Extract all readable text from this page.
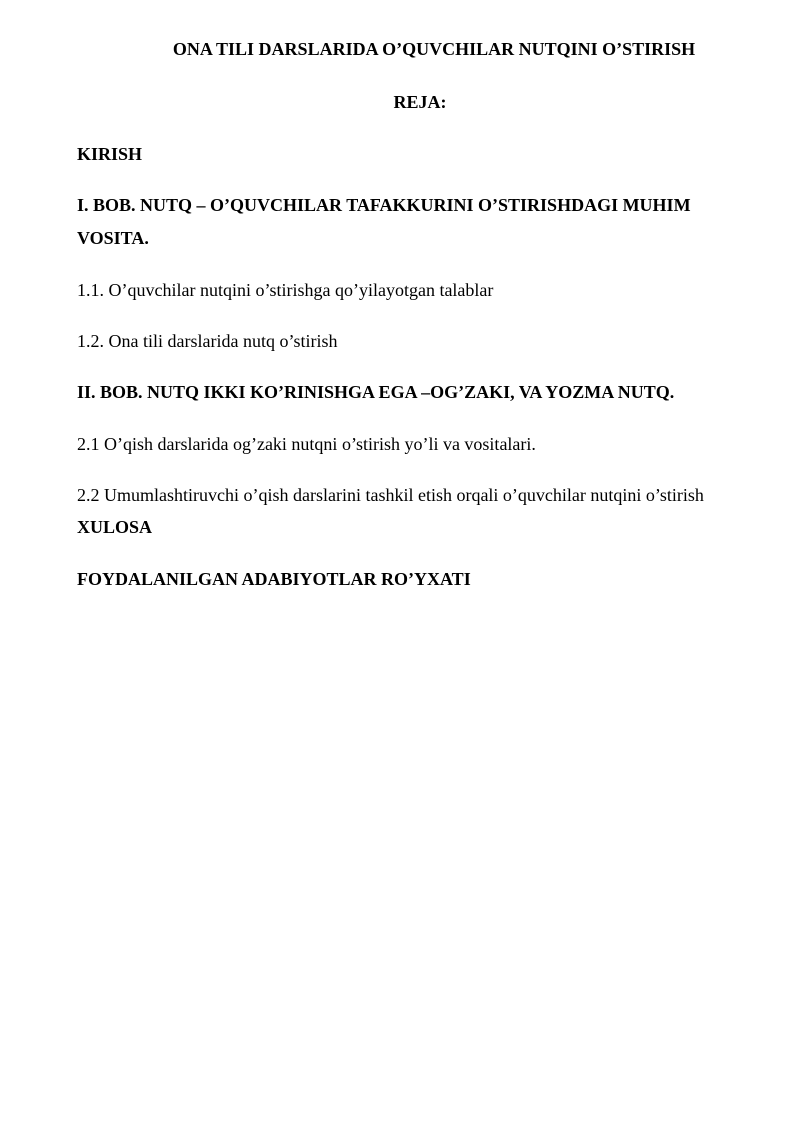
ONA TILI DARSLARIDA O’QUVCHILAR NUTQINI O’STIRISH

REJA:

KIRISH

I. BOB. NUTQ – O’QUVCHILAR TAFAKKURINI O’STIRISHDAGI MUHIM

VOSITA.

1.1. O’quvchilar nutqini o’stirishga qo’yilayotgan talablar

1.2. Ona tili darslarida nutq o’stirish

II. BOB. NUTQ IKKI KO’RINISHGA EGA –OG’ZAKI, VA YOZMA NUTQ.

2.1 O’qish darslarida og’zaki nutqni o’stirish yo’li va vositalari.

2.2 Umumlashtiruvchi o’qish darslarini tashkil etish orqali o’quvchilar nutqini o’stirish

XULOSA

FOYDALANILGAN ADABIYOTLAR RO’YXATI
